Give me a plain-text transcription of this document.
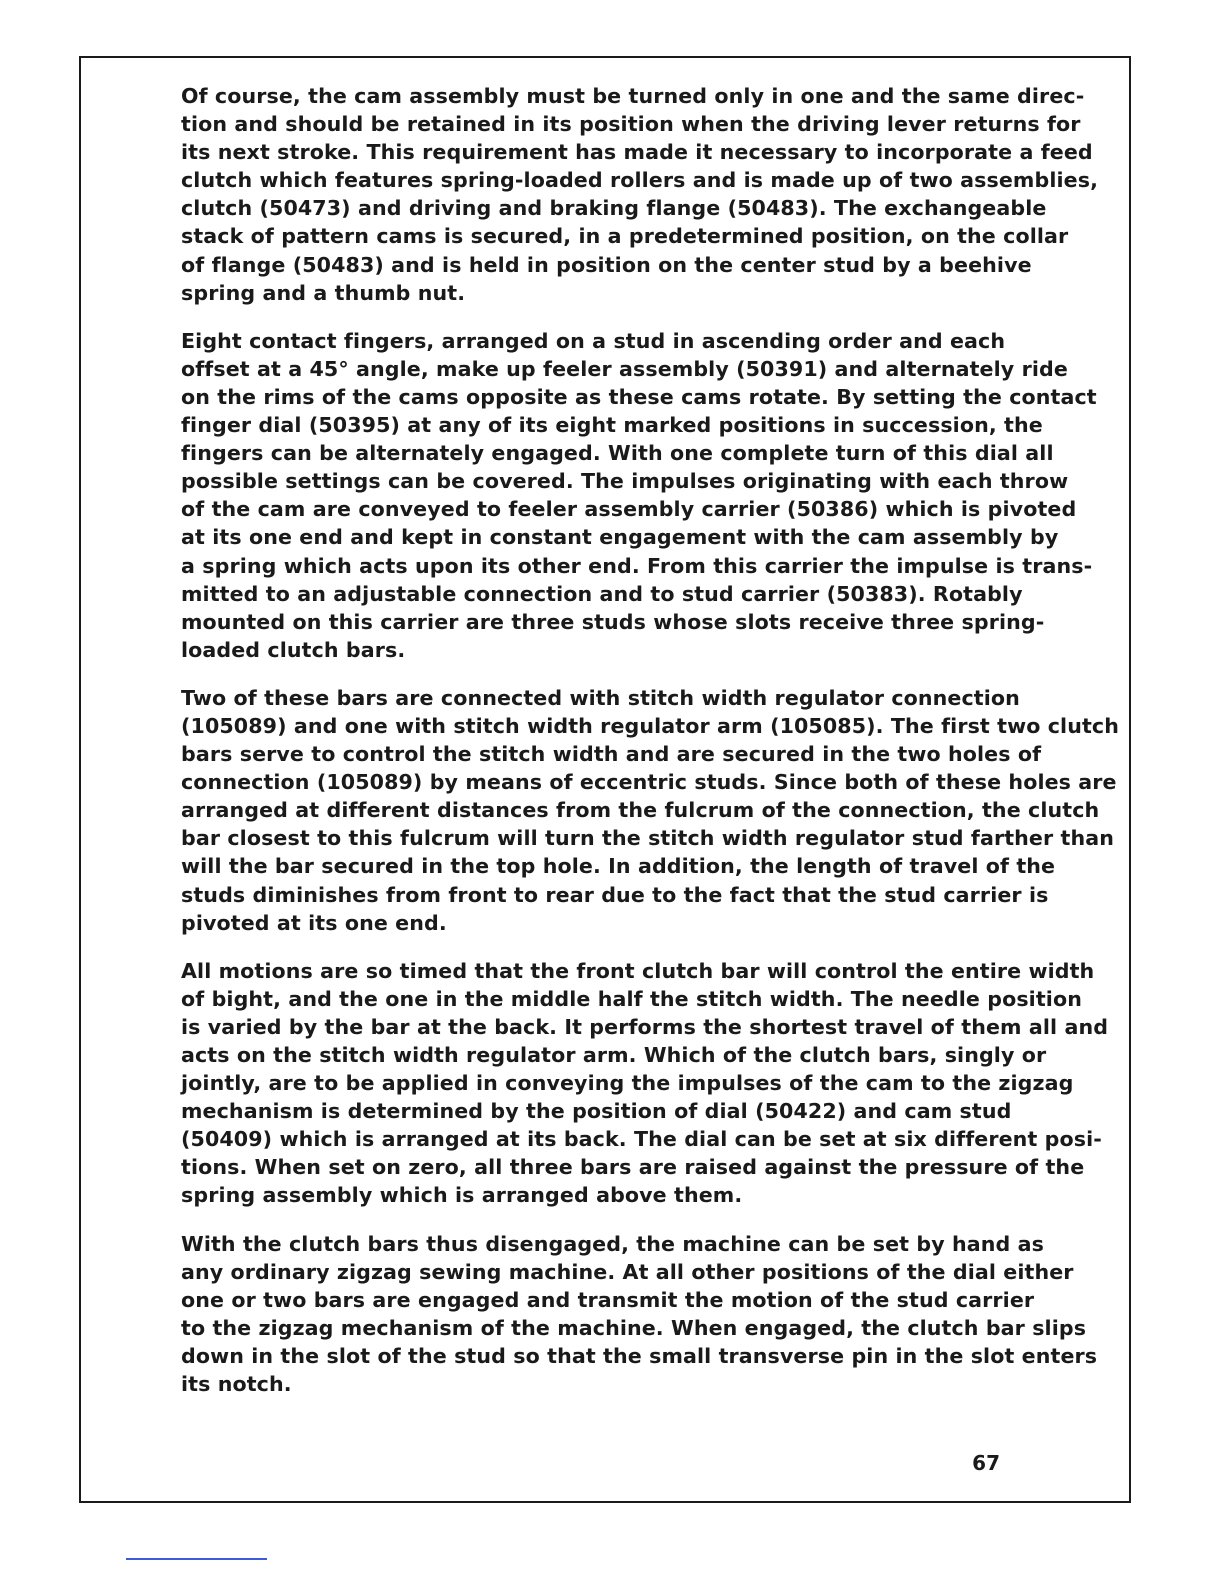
Of course, the cam assembly must be turned only in one and the same direc-
tion and should be retained in its position when the driving lever returns for
its next stroke. This requirement has made it necessary to incorporate a feed
clutch which features spring-loaded rollers and is made up of two assemblies,
clutch (50473) and driving and braking flange (50483). The exchangeable
stack of pattern cams is secured, in a predetermined position, on the collar
of flange (50483) and is held in position on the center stud by a beehive
spring and a thumb nut.

Eight contact fingers, arranged on a stud in ascending order and each
offset at a 45° angle, make up feeler assembly (50391) and alternately ride
on the rims of the cams opposite as these cams rotate. By setting the contact
finger dial (50395) at any of its eight marked positions in succession, the
fingers can be alternately engaged. With one complete turn of this dial all
possible settings can be covered. The impulses originating with each throw
of the cam are conveyed to feeler assembly carrier (50386) which is pivoted
at its one end and kept in constant engagement with the cam assembly by
a spring which acts upon its other end. From this carrier the impulse is trans-
mitted to an adjustable connection and to stud carrier (50383). Rotably
mounted on this carrier are three studs whose slots receive three spring-
loaded clutch bars.

Two of these bars are connected with stitch width regulator connection
(105089) and one with stitch width regulator arm (105085). The first two clutch
bars serve to control the stitch width and are secured in the two holes of
connection (105089) by means of eccentric studs. Since both of these holes are
arranged at different distances from the fulcrum of the connection, the clutch
bar closest to this fulcrum will turn the stitch width regulator stud farther than
will the bar secured in the top hole. In addition, the length of travel of the
studs diminishes from front to rear due to the fact that the stud carrier is
pivoted at its one end.

All motions are so timed that the front clutch bar will control the entire width
of bight, and the one in the middle half the stitch width. The needle position
is varied by the bar at the back. It performs the shortest travel of them all and
acts on the stitch width regulator arm. Which of the clutch bars, singly or
jointly, are to be applied in conveying the impulses of the cam to the zigzag
mechanism is determined by the position of dial (50422) and cam stud
(50409) which is arranged at its back. The dial can be set at six different posi-
tions. When set on zero, all three bars are raised against the pressure of the
spring assembly which is arranged above them.

With the clutch bars thus disengaged, the machine can be set by hand as
any ordinary zigzag sewing machine. At all other positions of the dial either
one or two bars are engaged and transmit the motion of the stud carrier
to the zigzag mechanism of the machine. When engaged, the clutch bar slips
down in the slot of the stud so that the small transverse pin in the slot enters
its notch.

67
